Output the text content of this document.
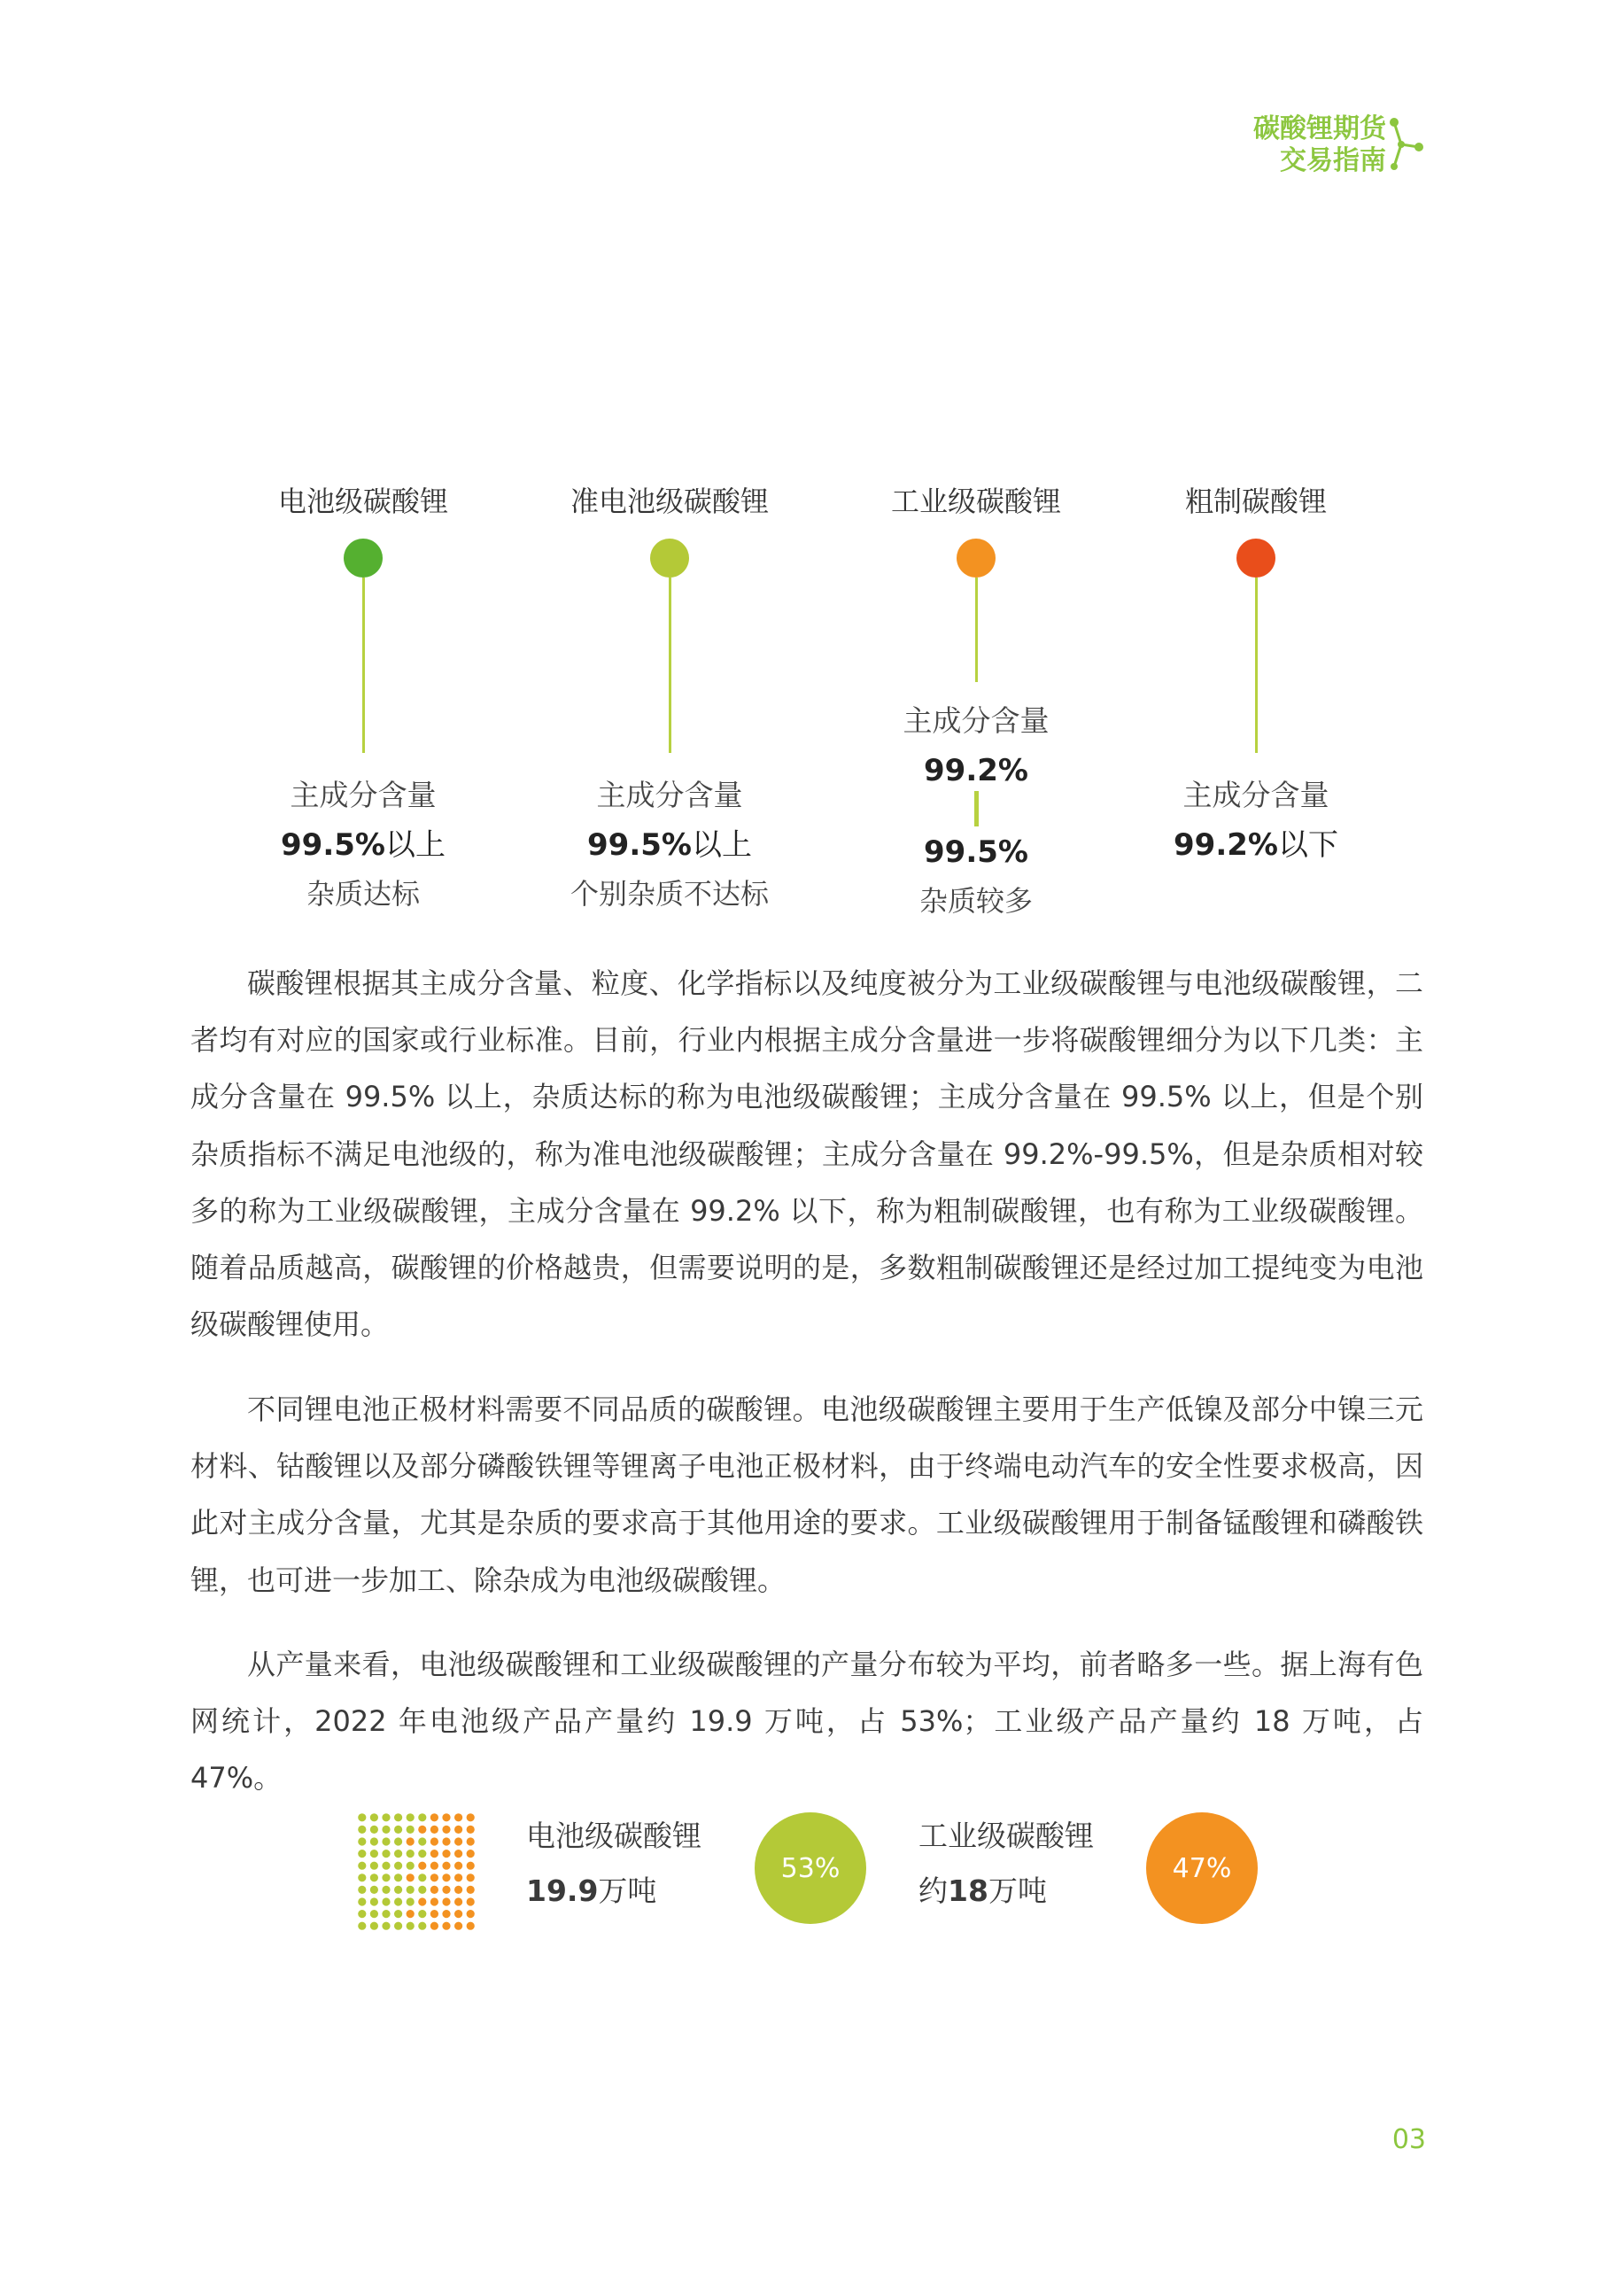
碳酸锂期货
交易指南
电池级碳酸锂
主成分含量
99.5%以上
杂质达标
准电池级碳酸锂
主成分含量
99.5%以上
个别杂质不达标
工业级碳酸锂
主成分含量
99.2%
99.5%
杂质较多
粗制碳酸锂
主成分含量
99.2%以下

碳酸锂根据其主成分含量、粒度、化学指标以及纯度被分为工业级碳酸锂与电池级碳酸锂，二者均有对应的国家或行业标准。目前，行业内根据主成分含量进一步将碳酸锂细分为以下几类：主成分含量在 99.5% 以上，杂质达标的称为电池级碳酸锂；主成分含量在 99.5% 以上，但是个别杂质指标不满足电池级的，称为准电池级碳酸锂；主成分含量在 99.2%-99.5%，但是杂质相对较多的称为工业级碳酸锂，主成分含量在 99.2% 以下，称为粗制碳酸锂，也有称为工业级碳酸锂。随着品质越高，碳酸锂的价格越贵，但需要说明的是，多数粗制碳酸锂还是经过加工提纯变为电池级碳酸锂使用。

不同锂电池正极材料需要不同品质的碳酸锂。电池级碳酸锂主要用于生产低镍及部分中镍三元材料、钴酸锂以及部分磷酸铁锂等锂离子电池正极材料，由于终端电动汽车的安全性要求极高，因此对主成分含量，尤其是杂质的要求高于其他用途的要求。工业级碳酸锂用于制备锰酸锂和磷酸铁锂，也可进一步加工、除杂成为电池级碳酸锂。

从产量来看，电池级碳酸锂和工业级碳酸锂的产量分布较为平均，前者略多一些。据上海有色网统计，2022 年电池级产品产量约 19.9 万吨，占 53%；工业级产品产量约 18 万吨，占 47%。

电池级碳酸锂
19.9万吨
53%
工业级碳酸锂
约18万吨
47%
03
